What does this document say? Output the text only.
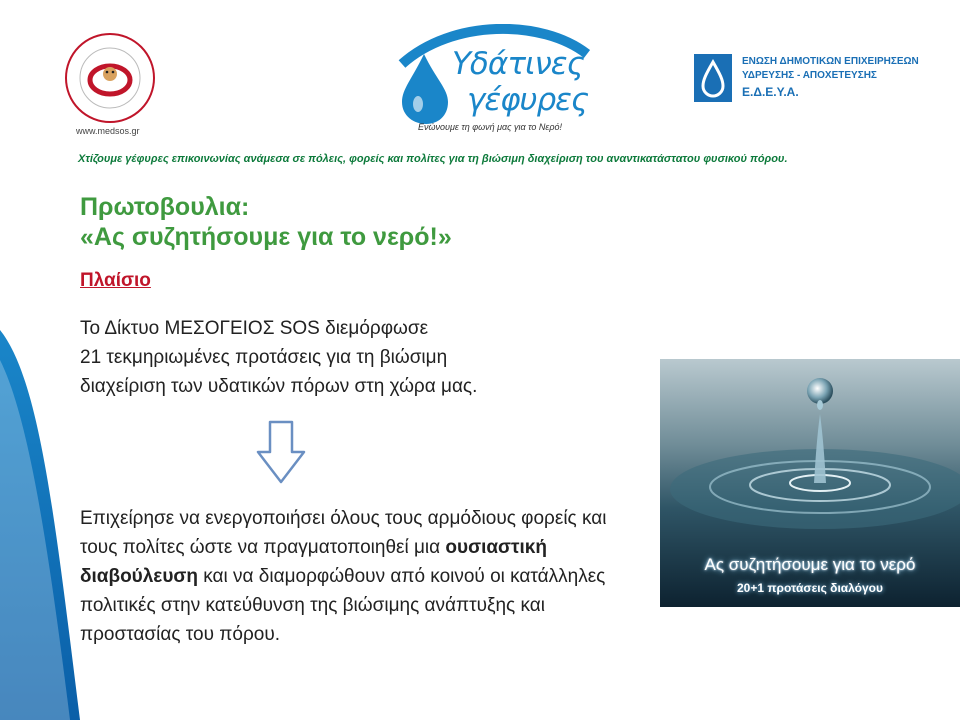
www.medsos.gr
Υδάτινες
γέφυρες
Ενώνουμε τη φωνή μας για το Νερό!
ΕΝΩΣΗ ΔΗΜΟΤΙΚΩΝ ΕΠΙΧΕΙΡΗΣΕΩΝ
ΥΔΡΕΥΣΗΣ - ΑΠΟΧΕΤΕΥΣΗΣ
Ε.Δ.Ε.Υ.Α.
Χτίζουμε γέφυρες επικοινωνίας ανάμεσα σε πόλεις, φορείς και πολίτες για τη βιώσιμη διαχείριση του αναντικατάστατου φυσικού πόρου.
Πρωτοβουλια:
«Ας συζητήσουμε για το νερό!»
Πλαίσιο
Το Δίκτυο ΜΕΣΟΓΕΙΟΣ SOS διεμόρφωσε
21 τεκμηριωμένες προτάσεις για τη βιώσιμη
διαχείριση των υδατικών πόρων στη χώρα μας.
Επιχείρησε να ενεργοποιήσει όλους τους αρμόδιους φορείς και τους πολίτες ώστε να πραγματοποιηθεί μια ουσιαστική διαβούλευση και να διαμορφώθουν από κοινού οι κατάλληλες πολιτικές στην κατεύθυνση της βιώσιμης ανάπτυξης και προστασίας του πόρου.
Ας συζητήσουμε για το νερό
20+1 προτάσεις διαλόγου
